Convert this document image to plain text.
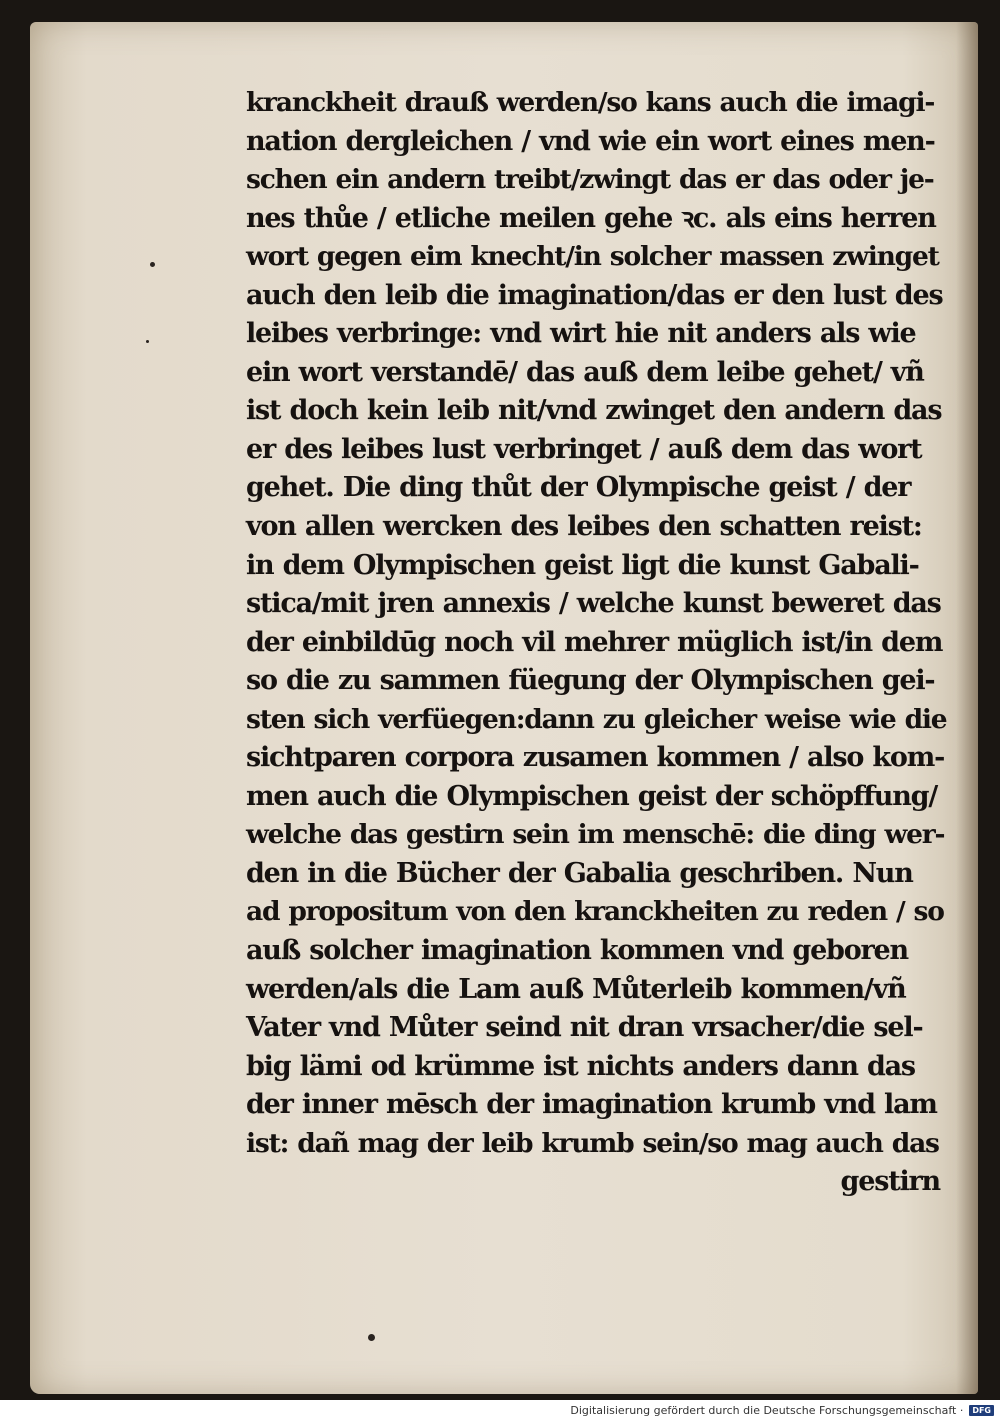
kranckheit drauß werden/so kans auch die imagi-
nation dergleichen / vnd wie ein wort eines men-
schen ein andern treibt/zwingt das er das oder je-
nes thůe / etliche meilen gehe ꝛc. als eins herren
wort gegen eim knecht/in solcher massen zwinget
auch den leib die imagination/das er den lust des
leibes verbringe: vnd wirt hie nit anders als wie
ein wort verstandē/ das auß dem leibe gehet/ vñ
ist doch kein leib nit/vnd zwinget den andern das
er des leibes lust verbringet / auß dem das wort
gehet. Die ding thůt der Olympische geist / der
von allen wercken des leibes den schatten reist:
in dem Olympischen geist ligt die kunst Gabali-
stica/mit jren annexis / welche kunst beweret das
der einbildūg noch vil mehrer müglich ist/in dem
so die zu sammen füegung der Olympischen gei-
sten sich verfüegen:dann zu gleicher weise wie die
sichtparen corpora zusamen kommen / also kom-
men auch die Olympischen geist der schöpffung/
welche das gestirn sein im menschē: die ding wer-
den in die Bücher der Gabalia geschriben. Nun
ad propositum von den kranckheiten zu reden / so
auß solcher imagination kommen vnd geboren
werden/als die Lam auß Můterleib kommen/vñ
Vater vnd Můter seind nit dran vrsacher/die sel-
big lämi od krümme ist nichts anders dann das
der inner mēsch der imagination krumb vnd lam
ist: dañ mag der leib krumb sein/so mag auch das
gestirn
Digitalisierung gefördert durch die Deutsche Forschungsgemeinschaft · DFG
